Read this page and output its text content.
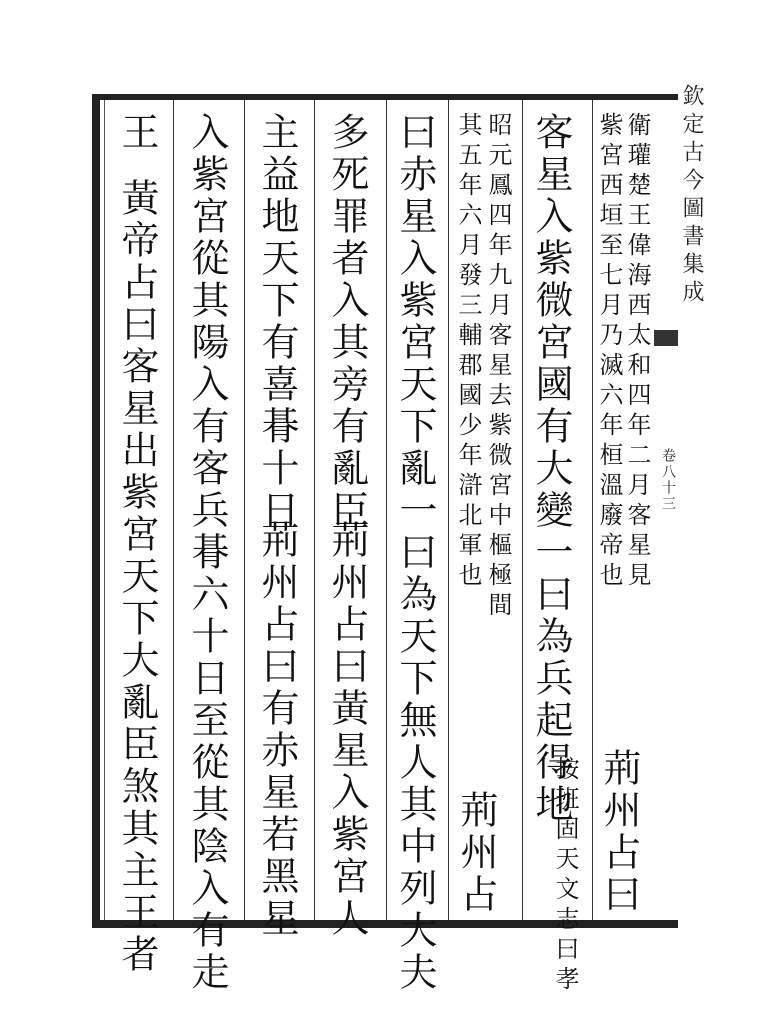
欽定古今圖書集成
卷八十三
衛瓘楚王偉海西太和四年二月客星見
紫宮西垣至七月乃滅六年桓溫廢帝也
荊州占曰
客星入紫微宮國有大變一曰為兵起得地
按班固天文志曰孝
昭元鳳四年九月客星去紫微宮中樞極間
其五年六月發三輔郡國少年滸北軍也
荊州占
曰赤星入紫宮天下亂一曰為天下無人其中列大夫
多死罪者入其旁有亂臣
荊州占曰黃星入紫宮人
主益地天下有喜朞十日
荊州占曰有赤星若黑星
入紫宮從其陽入有客兵朞六十日至從其陰入有走
王
黃帝占曰客星出紫宮天下大亂臣煞其主王者
